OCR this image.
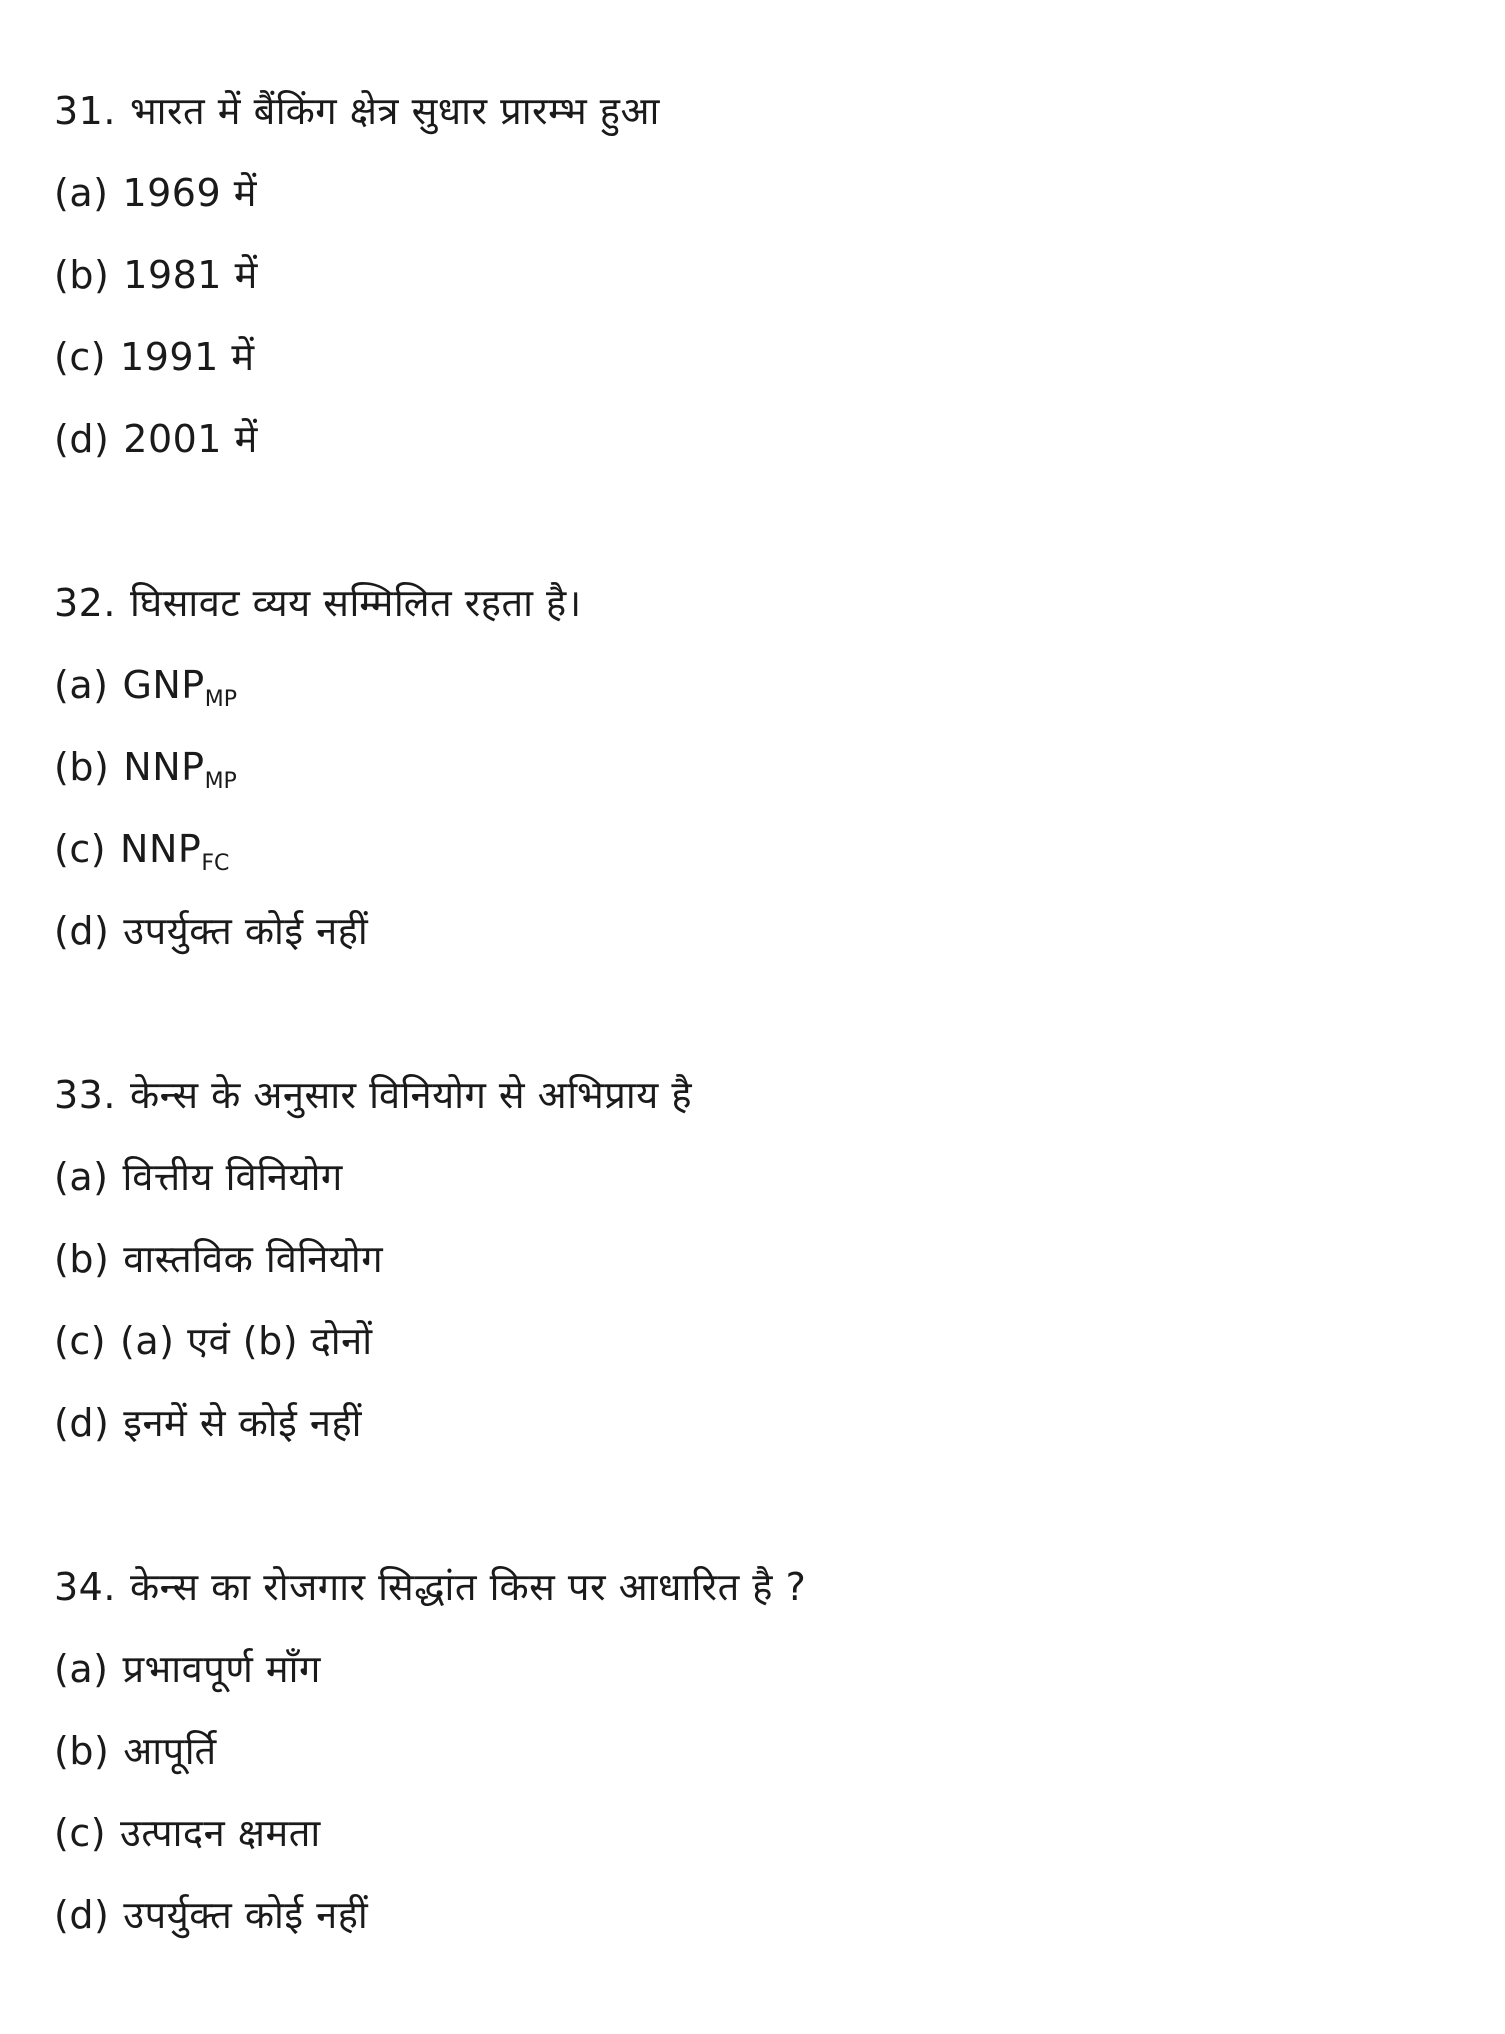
31. भारत में बैंकिंग क्षेत्र सुधार प्रारम्भ हुआ
(a) 1969 में
(b) 1981 में
(c) 1991 में
(d) 2001 में
32. घिसावट व्यय सम्मिलित रहता है।
(a) $GNP_{MP}$
(b) $NNP_{MP}$
(c) $NNP_{FC}$
(d) उपर्युक्त कोई नहीं
33. केन्स के अनुसार विनियोग से अभिप्राय है
(a) वित्तीय विनियोग
(b) वास्तविक विनियोग
(c) (a) एवं (b) दोनों
(d) इनमें से कोई नहीं
34. केन्स का रोजगार सिद्धांत किस पर आधारित है ?
(a) प्रभावपूर्ण माँग
(b) आपूर्ति
(c) उत्पादन क्षमता
(d) उपर्युक्त कोई नहीं
